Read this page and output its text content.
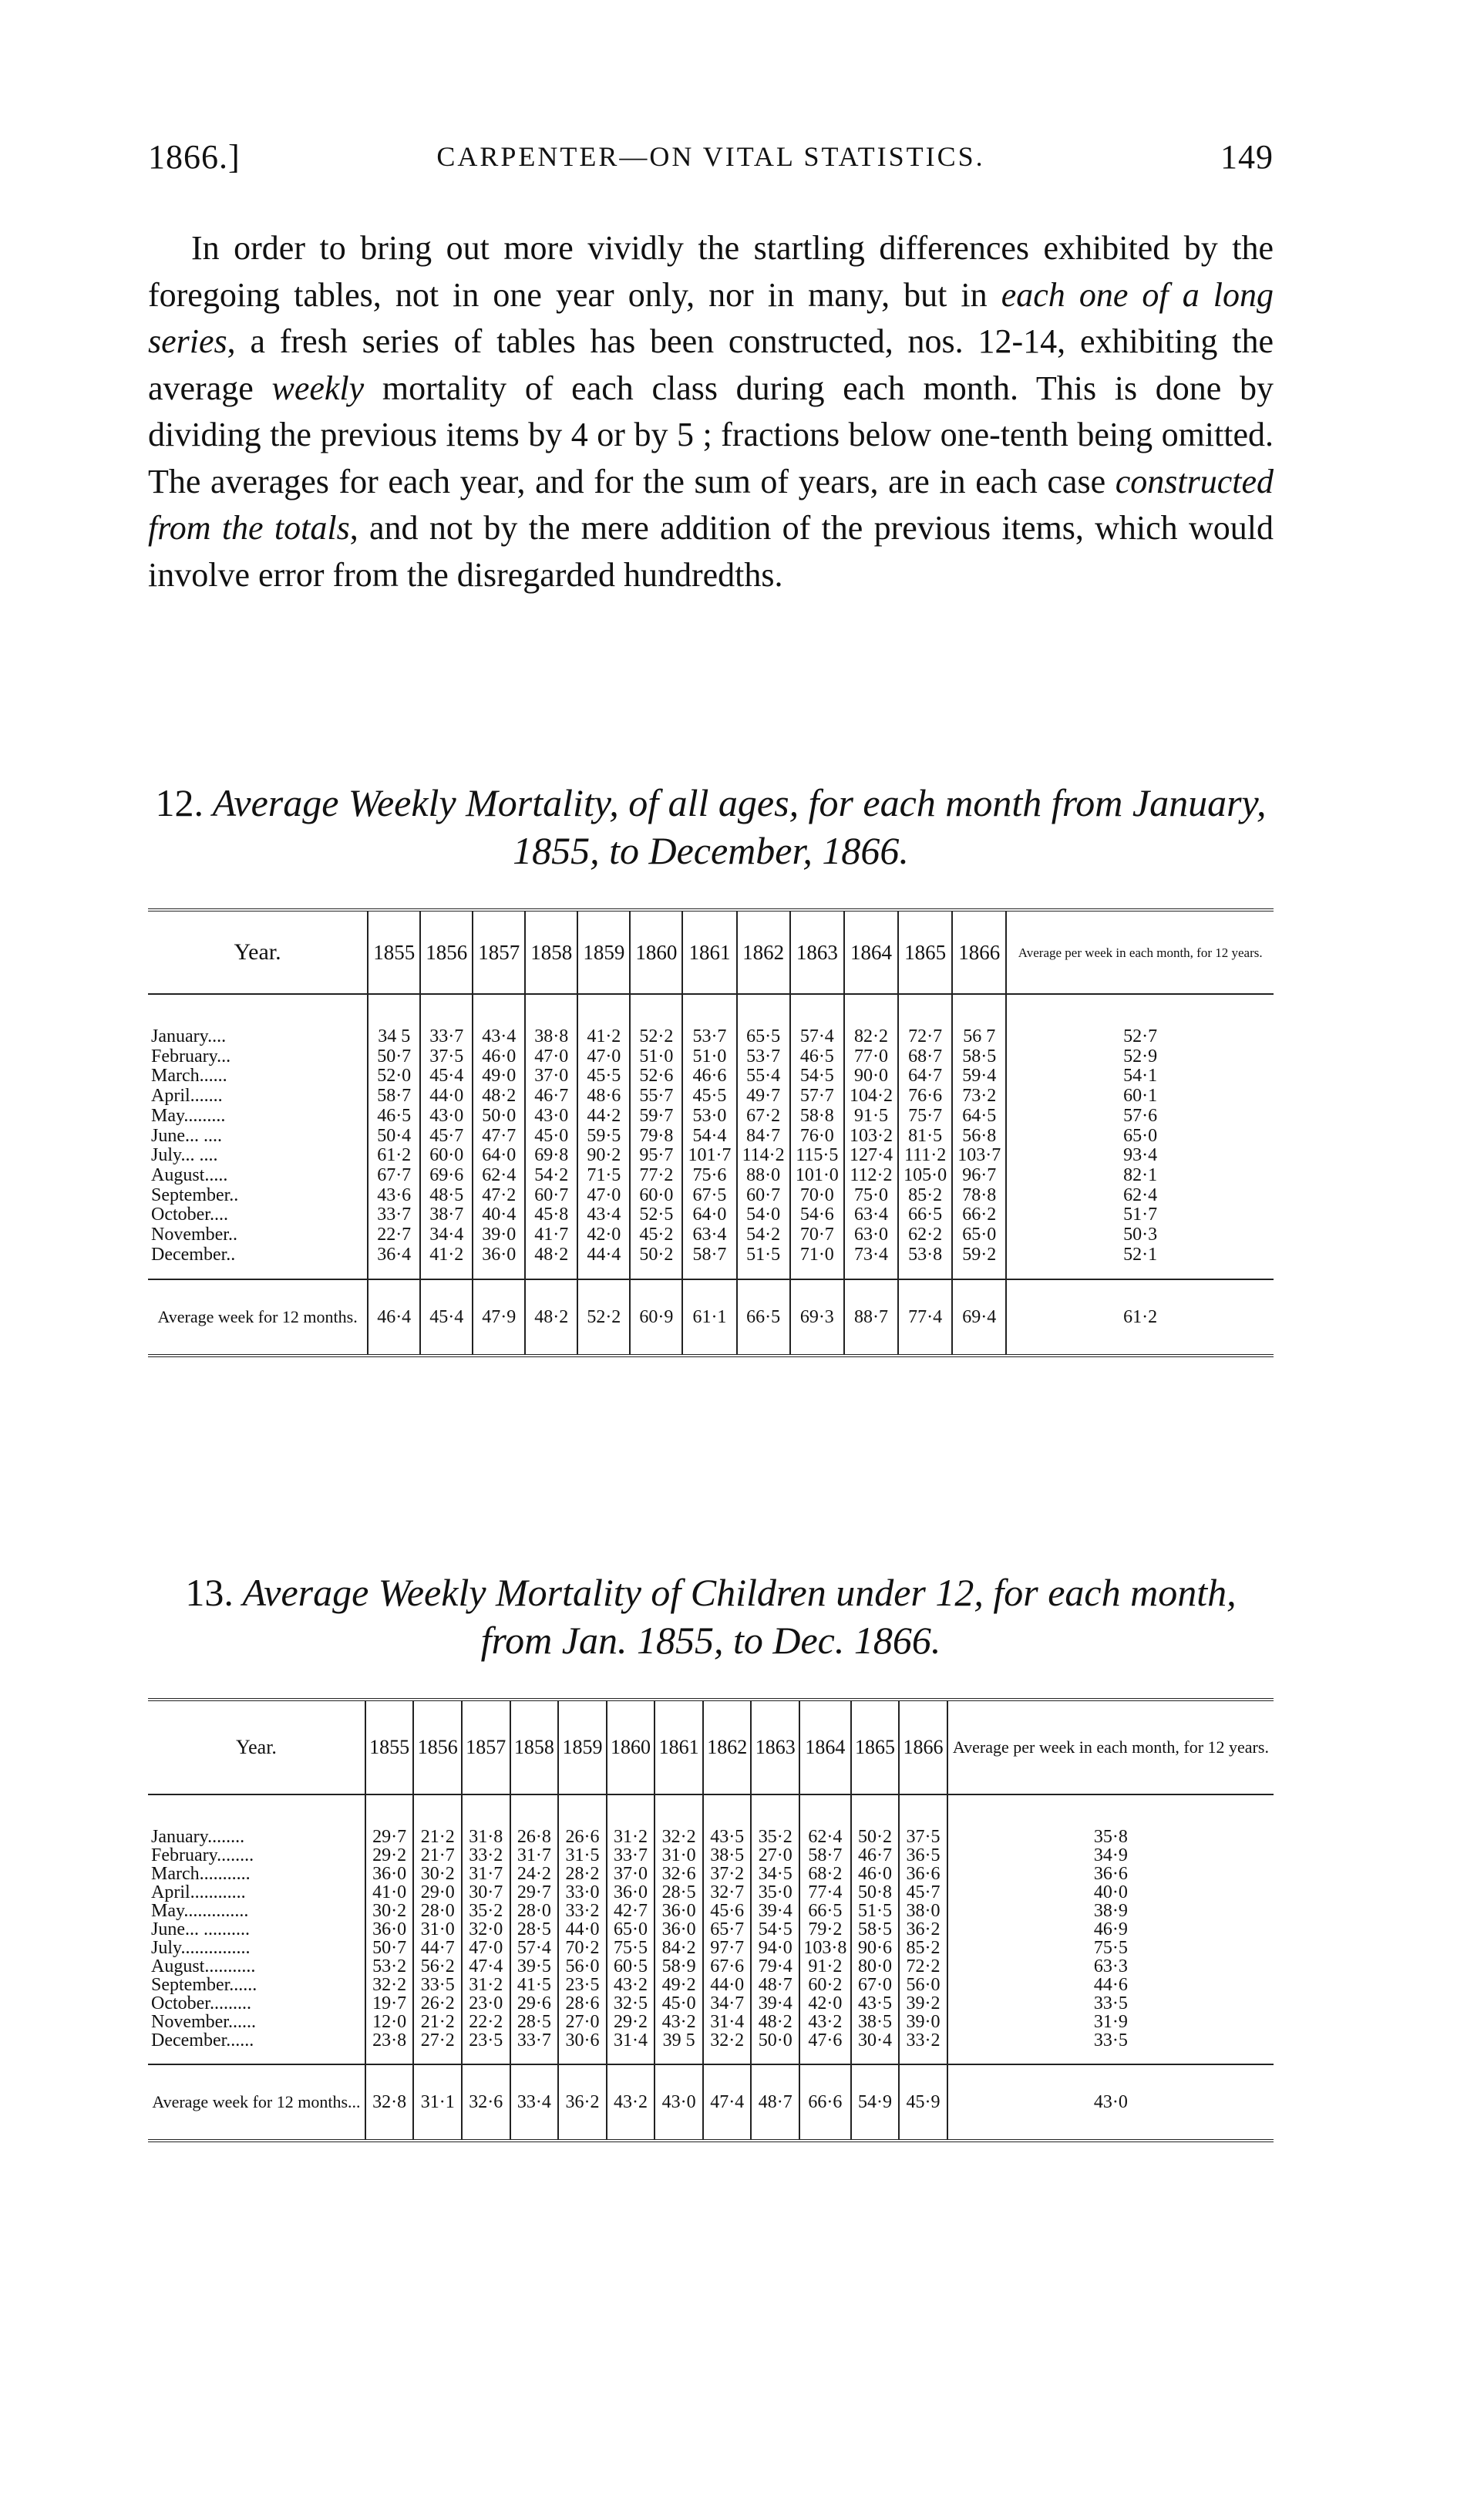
1866.]	CARPENTER—ON VITAL STATISTICS.	149

In order to bring out more vividly the startling differences exhibited by the foregoing tables, not in one year only, nor in many, but in each one of a long series, a fresh series of tables has been constructed, nos. 12-14, exhibiting the average weekly mortality of each class during each month. This is done by dividing the previous items by 4 or by 5 ; fractions below one-tenth being omitted. The averages for each year, and for the sum of years, are in each case constructed from the totals, and not by the mere addition of the previous items, which would involve error from the disregarded hundredths.

12. Average Weekly Mortality, of all ages, for each month from January, 1855, to December, 1866.

Year.	1855	1856	1857	1858	1859	1860	1861	1862	1863	1864	1865	1866	Average per week in each month, for 12 years.
January....	34 5	33·7	43·4	38·8	41·2	52·2	53·7	65·5	57·4	82·2	72·7	56 7	52·7
February...	50·7	37·5	46·0	47·0	47·0	51·0	51·0	53·7	46·5	77·0	68·7	58·5	52·9
March......	52·0	45·4	49·0	37·0	45·5	52·6	46·6	55·4	54·5	90·0	64·7	59·4	54·1
April.......	58·7	44·0	48·2	46·7	48·6	55·7	45·5	49·7	57·7	104·2	76·6	73·2	60·1
May.........	46·5	43·0	50·0	43·0	44·2	59·7	53·0	67·2	58·8	91·5	75·7	64·5	57·6
June... ....	50·4	45·7	47·7	45·0	59·5	79·8	54·4	84·7	76·0	103·2	81·5	56·8	65·0
July... ....	61·2	60·0	64·0	69·8	90·2	95·7	101·7	114·2	115·5	127·4	111·2	103·7	93·4
August.....	67·7	69·6	62·4	54·2	71·5	77·2	75·6	88·0	101·0	112·2	105·0	96·7	82·1
September..	43·6	48·5	47·2	60·7	47·0	60·0	67·5	60·7	70·0	75·0	85·2	78·8	62·4
October....	33·7	38·7	40·4	45·8	43·4	52·5	64·0	54·0	54·6	63·4	66·5	66·2	51·7
November..	22·7	34·4	39·0	41·7	42·0	45·2	63·4	54·2	70·7	63·0	62·2	65·0	50·3
December..	36·4	41·2	36·0	48·2	44·4	50·2	58·7	51·5	71·0	73·4	53·8	59·2	52·1
Average week for 12 months.	46·4	45·4	47·9	48·2	52·2	60·9	61·1	66·5	69·3	88·7	77·4	69·4	61·2

13. Average Weekly Mortality of Children under 12, for each month, from Jan. 1855, to Dec. 1866.

Year.	1855	1856	1857	1858	1859	1860	1861	1862	1863	1864	1865	1866	Average per week in each month, for 12 years.
January........	29·7	21·2	31·8	26·8	26·6	31·2	32·2	43·5	35·2	62·4	50·2	37·5	35·8
February........	29·2	21·7	33·2	31·7	31·5	33·7	31·0	38·5	27·0	58·7	46·7	36·5	34·9
March...........	36·0	30·2	31·7	24·2	28·2	37·0	32·6	37·2	34·5	68·2	46·0	36·6	36·6
April............	41·0	29·0	30·7	29·7	33·0	36·0	28·5	32·7	35·0	77·4	50·8	45·7	40·0
May..............	30·2	28·0	35·2	28·0	33·2	42·7	36·0	45·6	39·4	66·5	51·5	38·0	38·9
June... ..........	36·0	31·0	32·0	28·5	44·0	65·0	36·0	65·7	54·5	79·2	58·5	36·2	46·9
July...............	50·7	44·7	47·0	57·4	70·2	75·5	84·2	97·7	94·0	103·8	90·6	85·2	75·5
August...........	53·2	56·2	47·4	39·5	56·0	60·5	58·9	67·6	79·4	91·2	80·0	72·2	63·3
September......	32·2	33·5	31·2	41·5	23·5	43·2	49·2	44·0	48·7	60·2	67·0	56·0	44·6
October.........	19·7	26·2	23·0	29·6	28·6	32·5	45·0	34·7	39·4	42·0	43·5	39·2	33·5
November......	12·0	21·2	22·2	28·5	27·0	29·2	43·2	31·4	48·2	43·2	38·5	39·0	31·9
December......	23·8	27·2	23·5	33·7	30·6	31·4	39 5	32·2	50·0	47·6	30·4	33·2	33·5
Average week for 12 months...	32·8	31·1	32·6	33·4	36·2	43·2	43·0	47·4	48·7	66·6	54·9	45·9	43·0
